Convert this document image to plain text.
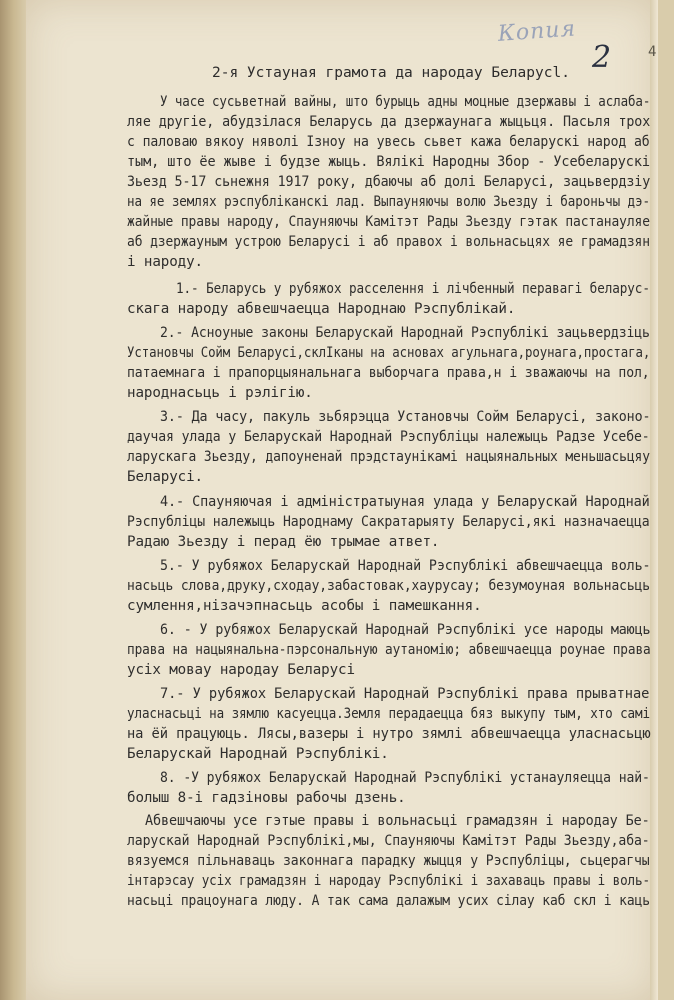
Копия
2	4
2-я Устауная грамота да народау Беларусl.
У часе сусьветнай вайны, што бурыць адны моцные дзержавы і аслаба-
ляе другіе, абудзілася Беларусь да дзержаунага жыцьця. Пасьля трох
с паловаю вякоу няволі Ізноу на увесь сьвет кажа беларускі народ аб
тым, што ёе жыве і будзе жыць. Вялікі Народны Збор - Усебеларускі
Зьезд 5-17 сьнежня 1917 року, дбаючы аб долі Беларусі, зацьвердзіу
на яе землях рэспубліканскі лад. Выпауняючы волю Зьезду і бароньчы дэ-
жайные правы народу, Спауняючы Камітэт Рады Зьезду гэтак пастанауляе
аб дзержауным устрою Беларусі і аб правох і вольнасьцях яе грамадзян
і народу.
1.- Беларусь у рубяжох расселення і лічбенный перавагі беларус-
скага народу абвешчаецца Народнаю Рэспублікай.
2.- Асноуные законы Беларускай Народнай Рэспублікі зацьвердзіць
Установчы Сойм Беларусі,склІканы на асновах агульнага,роунага,простага,
патаемнага і прапорцыянальнага выборчага права,н і зважаючы на пол,
народнасьць і рэлігію.
3.- Да часу, пакуль зьбярэцца Установчы Сойм Беларусі, законо-
даучая улада у Беларускай Народнай Рэспубліцы належыць Радзе Усебе-
ларускага Зьезду, дапоуненай прэдстаунікамі нацыянальных меньшасьцяу
Беларусі.
4.- Спауняючая і адміністратыуная улада у Беларускай Народнай
Рэспубліцы належыць Народнаму Сакратарыяту Беларусі,які назначаецца
Радаю Зьезду і перад ёю трымае атвет.
5.- У рубяжох Беларускай Народнай Рэспублікі абвешчаецца воль-
насьць слова,друку,сходау,забастовак,хаурусау; безумоуная вольнасьць
сумлення,нізачэпнасьць асобы і памешкання.
6. - У рубяжох Беларускай Народнай Рэспублікі усе народы маюць
права на нацыянальна-пэрсональную аутаномію; абвешчаецца роунае права
усіх мовау народау Беларусі
7.- У рубяжох Беларускай Народнай Рэспублікі права прыватнае
уласнасьці на зямлю касуецца.Земля перадаецца бяз выкупу тым, хто самі
на ёй працуюць. Лясы,вазеры і нутро зямлі абвешчаецца уласнасьцю
Беларускай Народнай Рэспублікі.
8. -У рубяжох Беларускай Народнай Рэспублікі устанауляецца най-
болыш 8-і гадзіновы рабочы дзень.
Абвешчаючы усе гэтые правы і вольнасьці грамадзян і народау Бе-
ларускай Народнай Рэспублікі,мы, Спауняючы Камітэт Рады Зьезду,аба-
вязуемся пільнаваць законнага парадку жыцця у Рэспубліцы, сьцерагчы
інтарэсау усіх грамадзян і народау Рэспублікі і захаваць правы і воль-
насьці працоунага люду. А так сама далажым усих сілау каб скл і каць
